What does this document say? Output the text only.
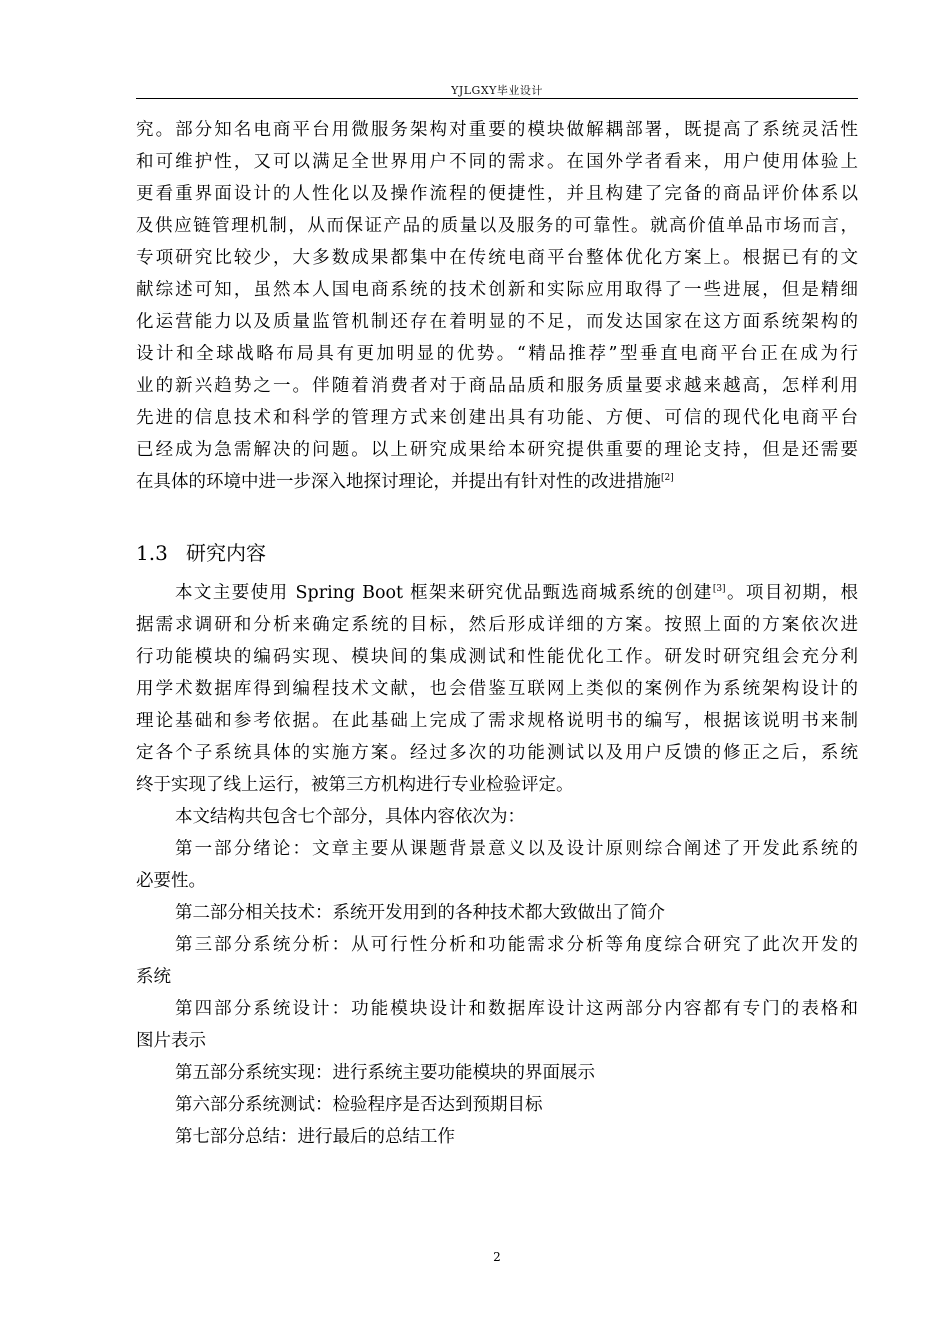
YJLGXY毕业设计
究。部分知名电商平台用微服务架构对重要的模块做解耦部署，既提高了系统灵活性
和可维护性，又可以满足全世界用户不同的需求。在国外学者看来，用户使用体验上
更看重界面设计的人性化以及操作流程的便捷性，并且构建了完备的商品评价体系以
及供应链管理机制，从而保证产品的质量以及服务的可靠性。就高价值单品市场而言，
专项研究比较少，大多数成果都集中在传统电商平台整体优化方案上。根据已有的文
献综述可知，虽然本人国电商系统的技术创新和实际应用取得了一些进展，但是精细
化运营能力以及质量监管机制还存在着明显的不足，而发达国家在这方面系统架构的
设计和全球战略布局具有更加明显的优势。“精品推荐”型垂直电商平台正在成为行
业的新兴趋势之一。伴随着消费者对于商品品质和服务质量要求越来越高，怎样利用
先进的信息技术和科学的管理方式来创建出具有功能、方便、可信的现代化电商平台
已经成为急需解决的问题。以上研究成果给本研究提供重要的理论支持，但是还需要
在具体的环境中进一步深入地探讨理论，并提出有针对性的改进措施[2]
1.3 研究内容
本文主要使用 Spring Boot 框架来研究优品甄选商城系统的创建[3]。项目初期，根
据需求调研和分析来确定系统的目标，然后形成详细的方案。按照上面的方案依次进
行功能模块的编码实现、模块间的集成测试和性能优化工作。研发时研究组会充分利
用学术数据库得到编程技术文献，也会借鉴互联网上类似的案例作为系统架构设计的
理论基础和参考依据。在此基础上完成了需求规格说明书的编写，根据该说明书来制
定各个子系统具体的实施方案。经过多次的功能测试以及用户反馈的修正之后，系统
终于实现了线上运行，被第三方机构进行专业检验评定。
本文结构共包含七个部分，具体内容依次为：
第一部分绪论：文章主要从课题背景意义以及设计原则综合阐述了开发此系统的
必要性。
第二部分相关技术：系统开发用到的各种技术都大致做出了简介
第三部分系统分析：从可行性分析和功能需求分析等角度综合研究了此次开发的
系统
第四部分系统设计：功能模块设计和数据库设计这两部分内容都有专门的表格和
图片表示
第五部分系统实现：进行系统主要功能模块的界面展示
第六部分系统测试：检验程序是否达到预期目标
第七部分总结：进行最后的总结工作
2
